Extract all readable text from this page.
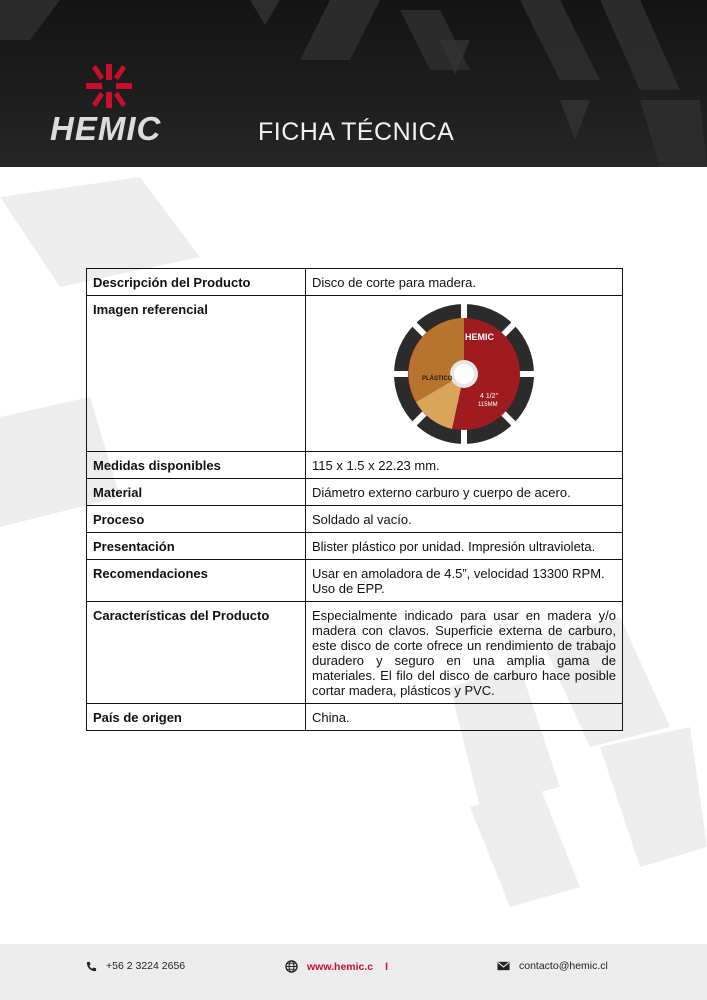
HEMIC	FICHA TÉCNICA
Descripción del Producto	Disco de corte para madera.
Imagen referencial	HEMIC
4 1/2"
115MM
PLÁSTICO

Medidas disponibles	115 x 1.5 x 22.23 mm.
Material	Diámetro externo carburo y cuerpo de acero.
Proceso	Soldado al vacío.
Presentación	Blister plástico por unidad. Impresión ultravioleta.
Recomendaciones	Usar en amoladora de 4.5”, velocidad 13300 RPM. Uso de EPP.
Características del Producto	Especialmente indicado para usar en madera y/o madera con clavos. Superficie externa de carburo, este disco de corte ofrece un rendimiento de trabajo duradero y seguro en una amplia gama de materiales. El filo del disco de carburo hace posible cortar madera, plásticos y PVC.
País de origen	China.
+56 2 3224 2656	www.hemic.c l	contacto@hemic.cl
